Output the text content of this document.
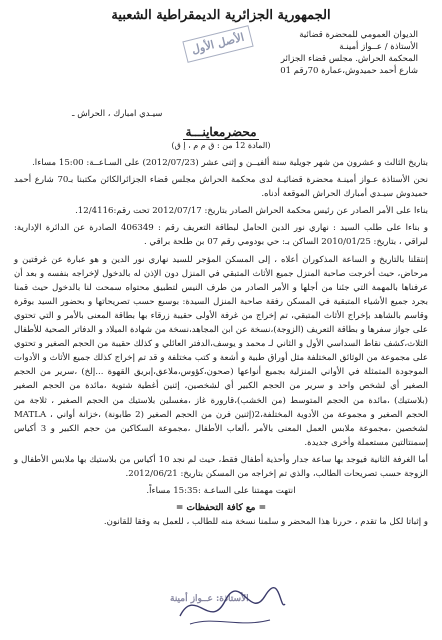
الجمهورية الجزائرية الديمقراطية الشعبية
الديوان العمومي للمحضرة قضائية
الأستاذة / عــواز أمينـة
المحكمة الحراش. مجلس قضاء الجزائر
شارع أحمد حميدوش،عمارة 70رقم 01
الأصل الأول
سيـدي امبارك ، الحراش ـ
محضرمعاينـــة
(المادة 12 من : ق م م ، إ ق)

بتاريخ الثالث و عشرون من شهر جويلية سنة ألفيــن و إثنى عشر (2012/07/23) على السـاعــة: 15:00 مساءا.

نحن الأستاذة عـواز أمينـة محضرة قضائيـة لدى محكمة الحراش مجلس قضاء الجزائرالكائن مكتبنا بـ70 شارع أحمد حميدوش سيـدي أمبارك الحراش الموقعة أدناه.

بناءا على الأمر الصادر عن رئيس محكمة الحراش الصادر بتاريخ: 2012/07/17 تحت رقم:12/4116.

و بناءا على طلب السيد : نهاري نور الدين الحامل لبطاقة التعريف رقم : 406349 الصادرة عن الدائرة الإدارية: لبراقي ، بتاريخ: 2010/01/25 الساكن بـ: حي بودومي رقم 07 بن طلحة براقي .

إنتقلنا بالتاريخ و الساعة المذكوران أعلاه ، إلى المسكن المؤجر للسيد نهاري نور الدين و هو عبارة عن غرفتين و مرحاض، حيث أخرجت صاحبة المنزل جميع الأثاث المتبقي في المنزل دون الإذن له بالدخول لإخراجه بنفسه و بعد أن عرفناها بالمهمة التي جئنا من أجلها و الأمر الصادر من طرف النيس لتطبيق محتواه سمحت لنا بالدخول حيث قمنا بجرد جميع الأشياء المتبقية في المسكن رفقة صاحبة المنزل السيدة: بوسبع حسب تصريحاتها و بحضور السيد بوقرة وقاسم بالشاهد بإخراج الأثاث المتبقي، تم إخراج من غرفة الأولى حقيبة زرقاء بها بطاقة المعنى بالأمر و التي تحتوي على جواز سفرها و بطاقة التعريف (الزوجة)،نسخة عن ابن المجاهد،نسخة من شهادة الميلاد و الدفاتر الصحية للأطفال الثلاث،كشف نقاط السداسي الأول و الثاني لـ محمد و يوسف،الدفتر العائلي و كذلك حقيبة من الحجم الصغير و تحتوي على مجموعة من الوثائق المختلفة مثل أوراق طبية و أشعة و كتب مختلفة و قد تم إخراج كذلك جميع الأثاث و الأدوات الموجودة المتمثلة في الأواني المنزلية بجميع أنواعها (صحون،كؤوس،ملاعق،إبريق القهوة ...إلخ) ،سرير من الحجم الصغير أي لشخص واحد و سرير من الحجم الكبير أي لشخصين، إثنين أغطية شتوية ،مائدة من الحجم الصغير (بلاستيك) ،مائدة من الحجم المتوسط (من الخشب)،قارورة غاز ،مغسلين بلاستيك من الحجم الصغير ، ثلاجة من الحجم الصغير و مجموعة من الأدوية المختلفة،2(إثنين فرن من الحجم الصغير (2 طابونة) ،خزانة أواني ، MATLA لشخصين ،مجموعة ملابس العمل المعنى بالأمر ،ألعاب الأطفال ،مجموعة السكاكين من حجم الكبير و 3 أكياس إسمنتالتين مستعملة وأخرى جديدة.

أما الغرفة الثانية فيوجد بها ساعة جدار وأحذية أطفال فقط، حيث لم نجد 10 أكياس من بلاستيك بها ملابس الأطفال و الزوجة حسب تصريحات الطالب، والذي تم إخراجه من المسكن بتاريخ: 2012/06/21.

انتهت مهمتنا على الساعـة :15:35 مساءاً.

= مع كافة التحفظات =

و إثباتا لكل ما تقدم ، حررنا هذا المحضر و سلمنا نسخة منه للطالب ، للعمل به وفقا للقانون.

الأستاذة: عــواز أمينة
